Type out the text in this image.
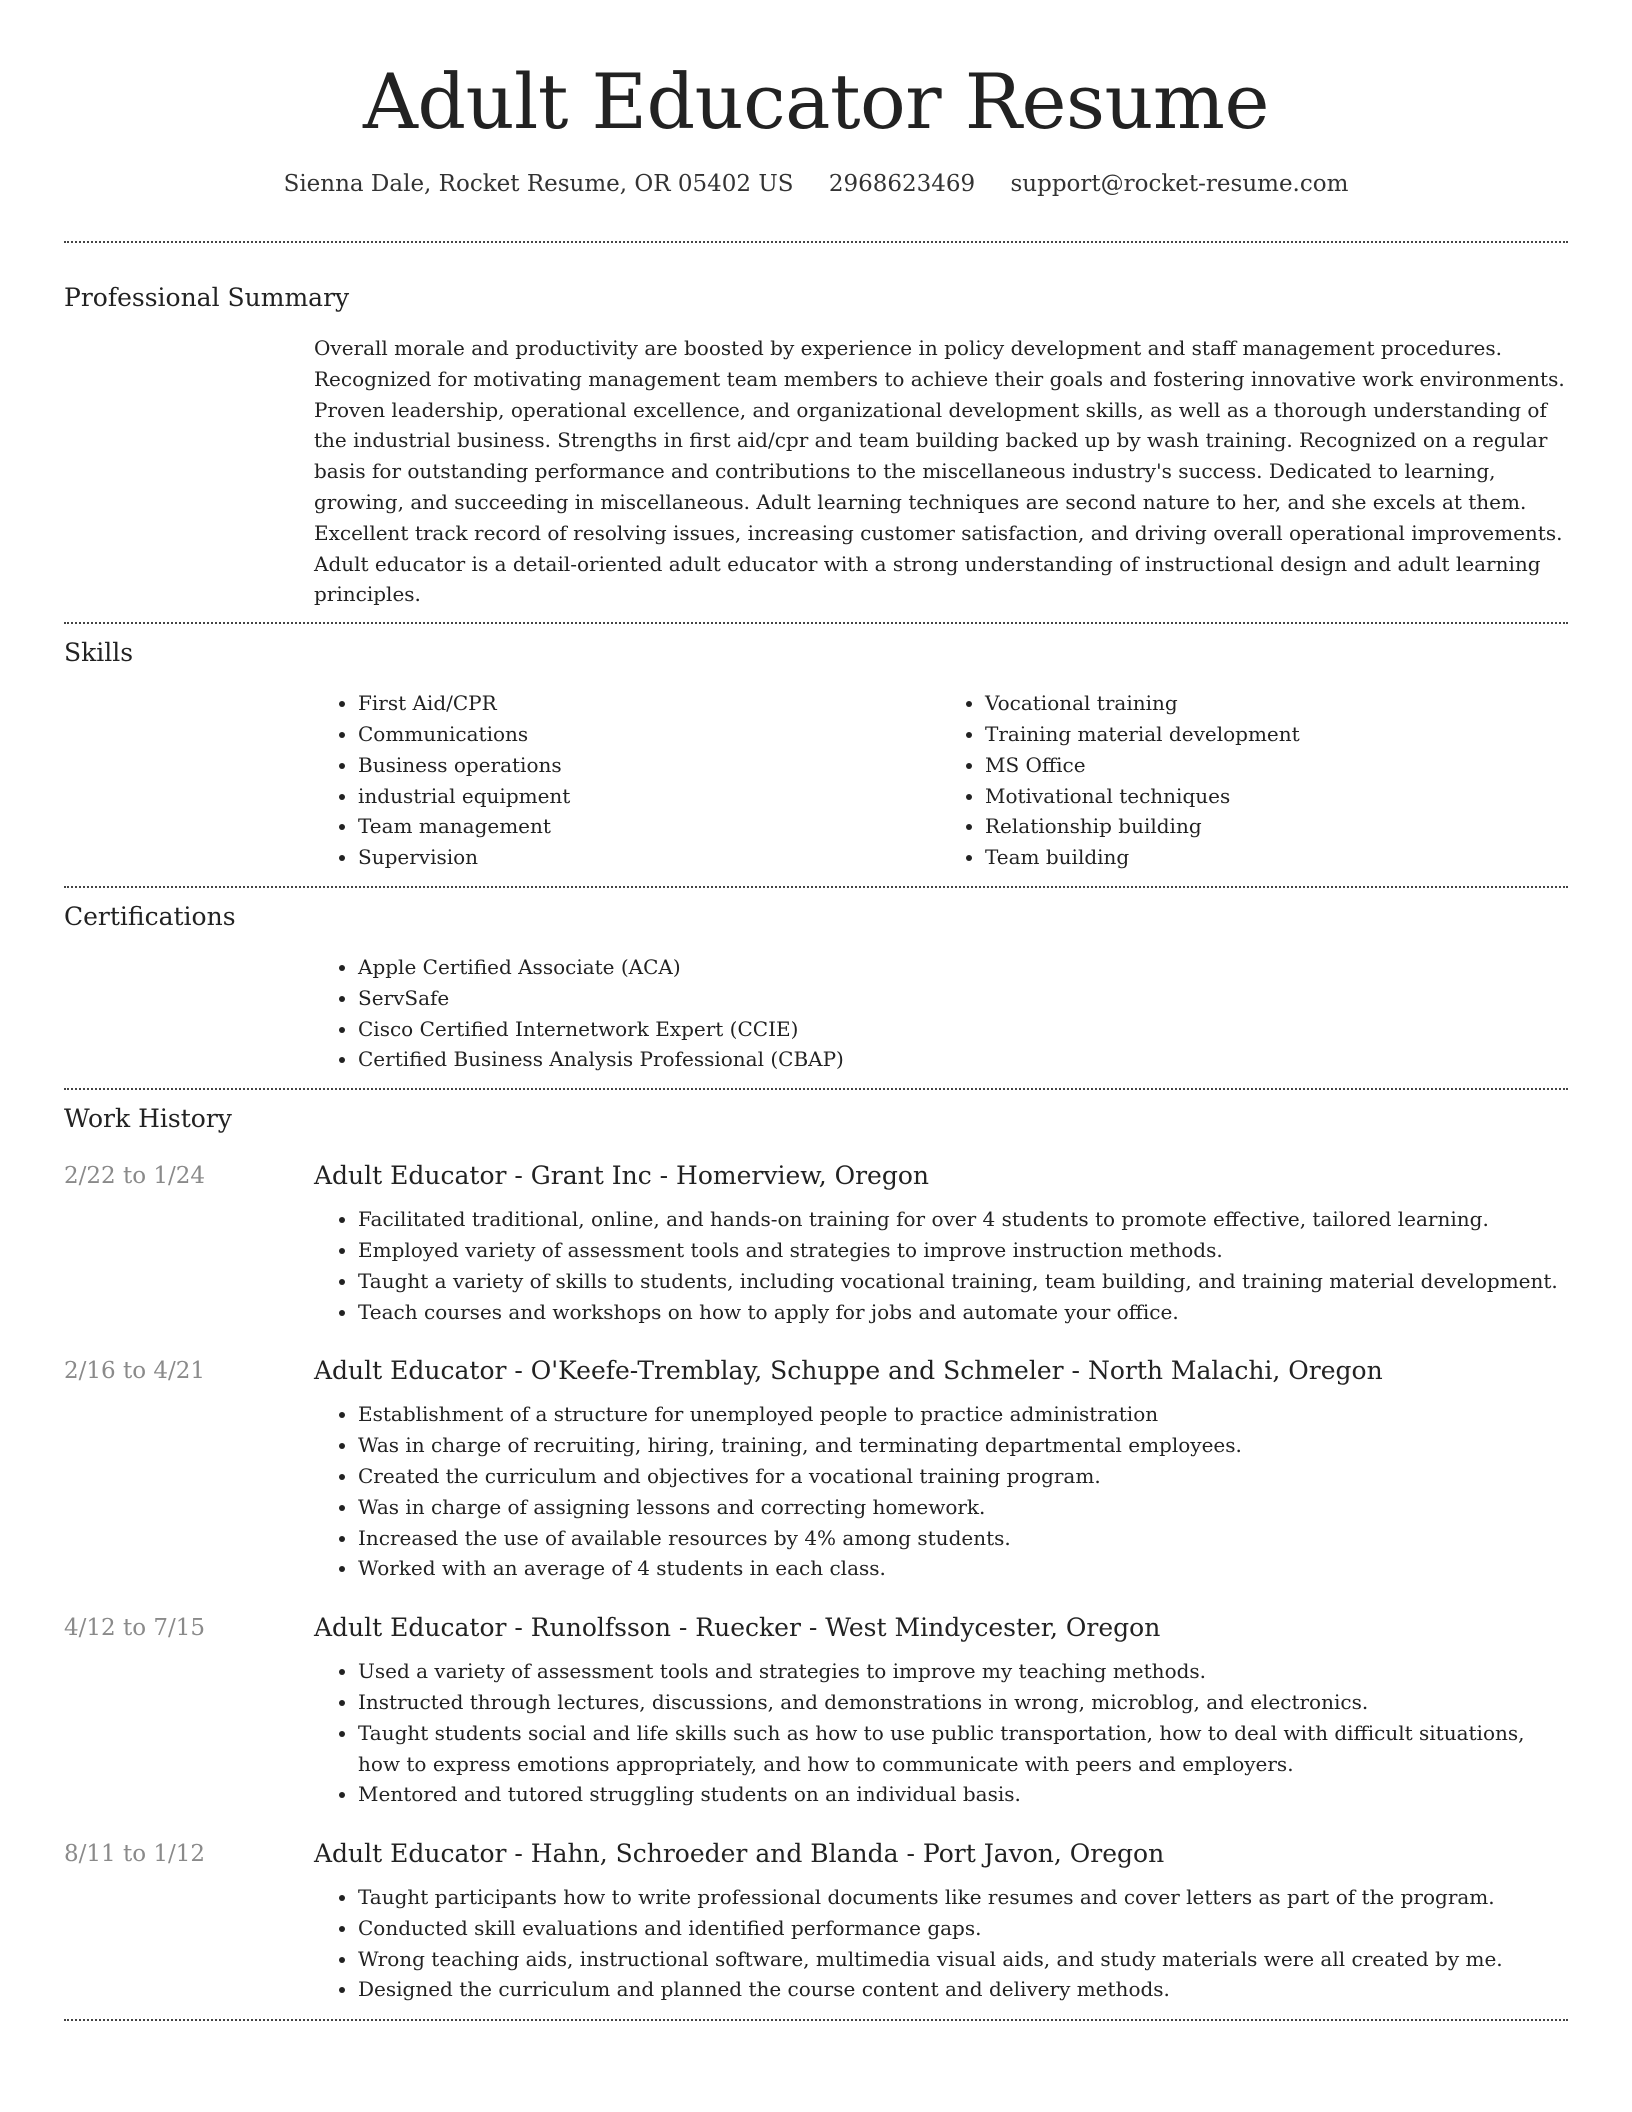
Adult Educator Resume
Sienna Dale, Rocket Resume, OR 05402 US 2968623469 support@rocket-resume.com
Professional Summary

Overall morale and productivity are boosted by experience in policy development and staff management procedures. Recognized for motivating management team members to achieve their goals and fostering innovative work environments. Proven leadership, operational excellence, and organizational development skills, as well as a thorough understanding of the industrial business. Strengths in first aid/cpr and team building backed up by wash training. Recognized on a regular basis for outstanding performance and contributions to the miscellaneous industry's success. Dedicated to learning, growing, and succeeding in miscellaneous. Adult learning techniques are second nature to her, and she excels at them. Excellent track record of resolving issues, increasing customer satisfaction, and driving overall operational improvements. Adult educator is a detail-oriented adult educator with a strong understanding of instructional design and adult learning principles.

Skills
• First Aid/CPR
• Communications
• Business operations
• industrial equipment
• Team management
• Supervision
• Vocational training
• Training material development
• MS Office
• Motivational techniques
• Relationship building
• Team building
Certifications
• Apple Certified Associate (ACA)
• ServSafe
• Cisco Certified Internetwork Expert (CCIE)
• Certified Business Analysis Professional (CBAP)
Work History
2/22 to 1/24	Adult Educator - Grant Inc - Homerview, Oregon
• Facilitated traditional, online, and hands-on training for over 4 students to promote effective, tailored learning.
• Employed variety of assessment tools and strategies to improve instruction methods.
• Taught a variety of skills to students, including vocational training, team building, and training material development.
• Teach courses and workshops on how to apply for jobs and automate your office.
2/16 to 4/21	Adult Educator - O'Keefe-Tremblay, Schuppe and Schmeler - North Malachi, Oregon
• Establishment of a structure for unemployed people to practice administration
• Was in charge of recruiting, hiring, training, and terminating departmental employees.
• Created the curriculum and objectives for a vocational training program.
• Was in charge of assigning lessons and correcting homework.
• Increased the use of available resources by 4% among students.
• Worked with an average of 4 students in each class.
4/12 to 7/15	Adult Educator - Runolfsson - Ruecker - West Mindycester, Oregon
• Used a variety of assessment tools and strategies to improve my teaching methods.
• Instructed through lectures, discussions, and demonstrations in wrong, microblog, and electronics.
• Taught students social and life skills such as how to use public transportation, how to deal with difficult situations, how to express emotions appropriately, and how to communicate with peers and employers.
• Mentored and tutored struggling students on an individual basis.
8/11 to 1/12	Adult Educator - Hahn, Schroeder and Blanda - Port Javon, Oregon
• Taught participants how to write professional documents like resumes and cover letters as part of the program.
• Conducted skill evaluations and identified performance gaps.
• Wrong teaching aids, instructional software, multimedia visual aids, and study materials were all created by me.
• Designed the curriculum and planned the course content and delivery methods.
